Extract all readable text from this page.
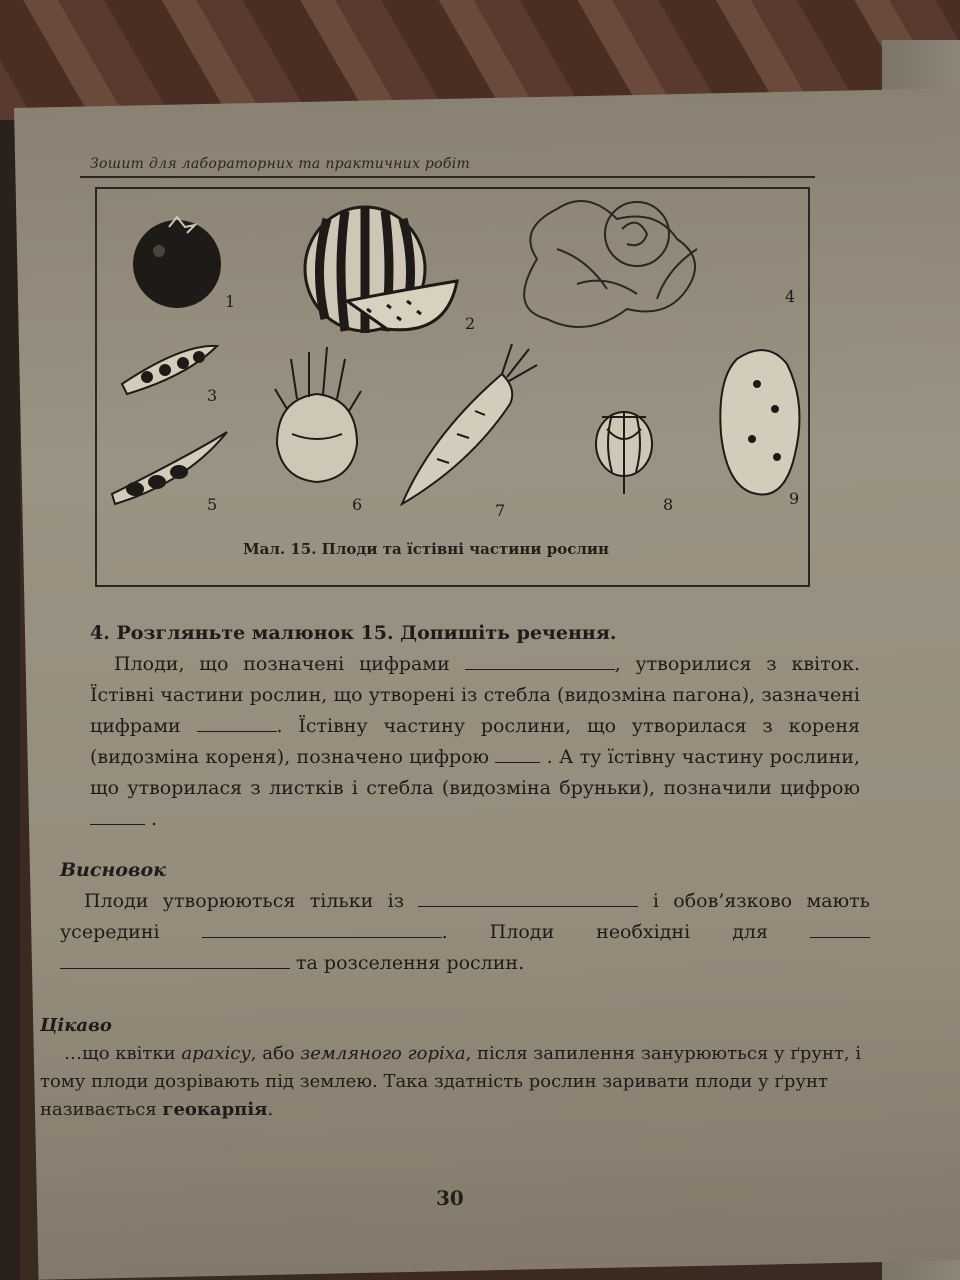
Зошит для лабораторних та практичних робіт
1
2
3
4
5	6	7	8	9
Мал. 15. Плоди та їстівні частини рослин
4. Розгляньте малюнок 15. Допишіть речення.

Плоди, що позначені цифрами	, утворилися з квіток. Їстівні частини рослин, що утворені із стебла (видозміна пагона), зазначені цифрами	. Їстівну частину рослини, що утворилася з кореня (видозміна кореня), позначено цифрою	. А ту їстівну частину рослини, що утворилася з листків і стебла (видозміна бруньки), позначили цифрою  .

Висновок

Плоди утворюються тільки із	і обов’язково мають усередині	. Плоди необхідні для   та розселення рослин.

Цікаво

…що квітки арахісу, або земляного горіха, після запилення занурюються у ґрунт, і тому плоди дозрівають під землею. Така здатність рослин заривати плоди у ґрунт називається геокарпія.

30
